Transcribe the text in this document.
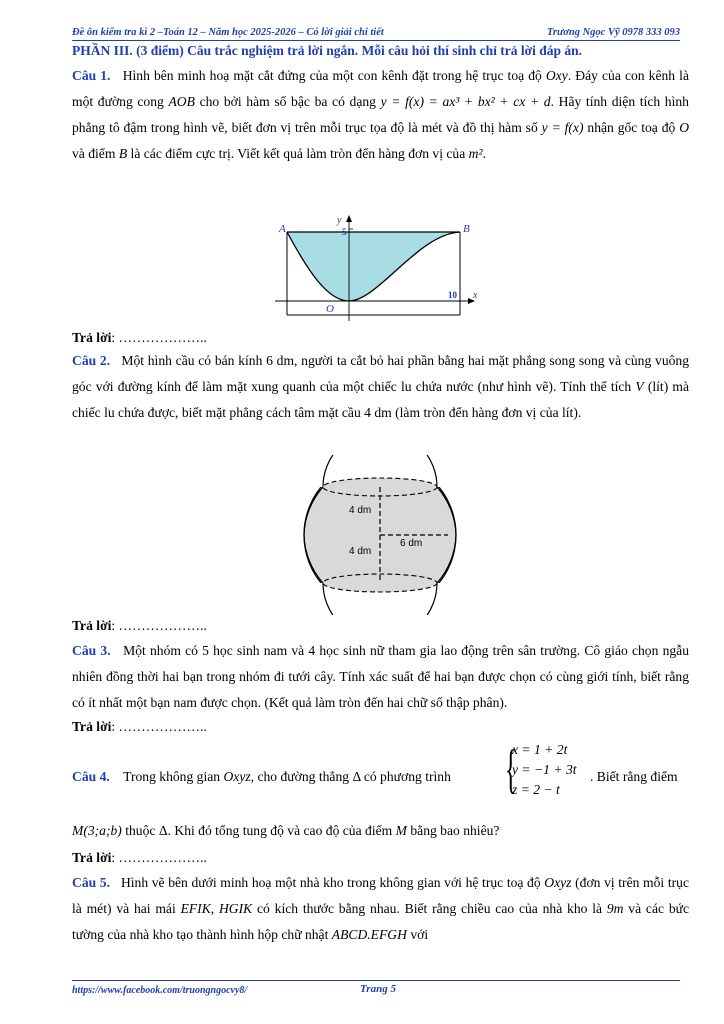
Đề ôn kiểm tra kì 2 –Toán 12 – Năm học 2025-2026 – Có lời giải chi tiết	Trương Ngọc Vỹ 0978 333 093
PHẦN III. (3 điểm) Câu trắc nghiệm trả lời ngắn. Mỗi câu hỏi thí sinh chỉ trả lời đáp án.
Câu 1. Hình bên minh hoạ mặt cắt đứng của một con kênh đặt trong hệ trục toạ độ Oxy. Đáy của con kênh là một đường cong AOB cho bởi hàm số bậc ba có dạng y = f(x) = ax³ + bx² + cx + d. Hãy tính diện tích hình phẳng tô đậm trong hình vẽ, biết đơn vị trên mỗi trục tọa độ là mét và đồ thị hàm số y = f(x) nhận gốc toạ độ O và điểm B là các điểm cực trị. Viết kết quả làm tròn đến hàng đơn vị của m².
A	B
O
y
5
10 x
Trả lời: ………………..
Câu 2. Một hình cầu có bán kính 6 dm, người ta cắt bỏ hai phần bằng hai mặt phẳng song song và cùng vuông góc với đường kính để làm mặt xung quanh của một chiếc lu chứa nước (như hình vẽ). Tính thể tích V (lít) mà chiếc lu chứa được, biết mặt phẳng cách tâm mặt cầu 4 dm (làm tròn đến hàng đơn vị của lít).
4 dm
4 dm
6 dm
Trả lời: ………………..
Câu 3. Một nhóm có 5 học sinh nam và 4 học sinh nữ tham gia lao động trên sân trường. Cô giáo chọn ngẫu nhiên đồng thời hai bạn trong nhóm đi tưới cây. Tính xác suất để hai bạn được chọn có cùng giới tính, biết rằng có ít nhất một bạn nam được chọn. (Kết quả làm tròn đến hai chữ số thập phân).
Trả lời: ………………..
Câu 4. Trong không gian Oxyz, cho đường thẳng Δ có phương trình	{
x = 1 + 2t
y = −1 + 3t
z = 2 − t
. Biết rằng điểm
M(3;a;b) thuộc Δ. Khi đó tổng tung độ và cao độ của điểm M bằng bao nhiêu?
Trả lời: ………………..
Câu 5. Hình vẽ bên dưới minh hoạ một nhà kho trong không gian với hệ trục toạ độ Oxyz (đơn vị trên mỗi trục là mét) và hai mái EFIK, HGIK có kích thước bằng nhau. Biết rằng chiều cao của nhà kho là 9m và các bức tường của nhà kho tạo thành hình hộp chữ nhật ABCD.EFGH với
https://www.facebook.com/truongngocvy8/	Trang 5
